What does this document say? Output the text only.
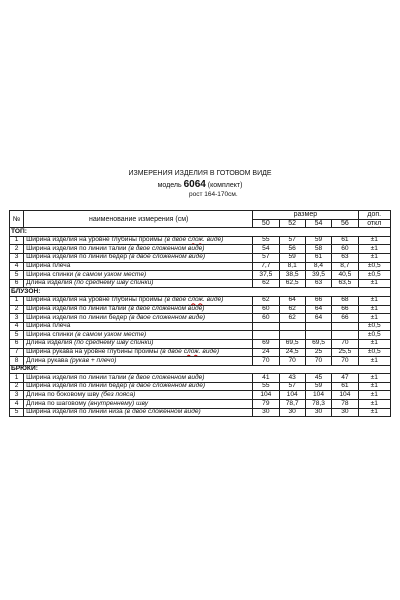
ИЗМЕРЕНИЯ ИЗДЕЛИЯ В ГОТОВОМ ВИДЕ
модель 6064 (комплект)
рост 164-170см.
№	наименование измерения (см)	размер				доп.
		50	52	54	56	откл
ТОП:						
1	Ширина изделия на уровне глубины проймы (в двое слож. виде)	55	57	59	61	±1
2	Ширина изделия по линии талии (в двое сложенном виде)	54	56	58	60	±1
3	Ширина изделия по линии бедер (в двое сложенном виде)	57	59	61	63	±1
4	Ширина плеча	7,7	8,1	8,4	8,7	±0,5
5	Ширина спинки (в самом узком месте)	37,5	38,5	39,5	40,5	±0,5
6	Длина изделия (по среднему шву спинки)	62	62,5	63	63,5	±1
БЛУЗОН:						
1	Ширина изделия на уровне глубины проймы (в двое слож. виде)	62	64	66	68	±1
2	Ширина изделия по линии талии (в двое сложенном виде)	60	62	64	66	±1
3	Ширина изделия по линии бедер (в двое сложенном виде)	60	62	64	66	±1
4	Ширина плеча					±0,5
5	Ширина спинки (в самом узком месте)					±0,5
6	Длина изделия (по среднему шву спинки)	69	69,5	69,5	70	±1
7	Ширина рукава на уровне глубины проймы (в двое слож. виде)	24	24,5	25	25,5	±0,5
8	Длина рукава (рукав + плечо)	70	70	70	70	±1
БРЮКИ:						
1	Ширина изделия по линии талии (в двое сложенном виде)	41	43	45	47	±1
2	Ширина изделия по линии бедер (в двое сложенном виде)	55	57	59	61	±1
3	Длина по боковому шву (без пояса)	104	104	104	104	±1
4	Длина по шаговому (внутреннему) шву	79	78,7	78,3	78	±1
5	Ширина изделия по линии низа (в двое сложенном виде)	30	30	30	30	±1
